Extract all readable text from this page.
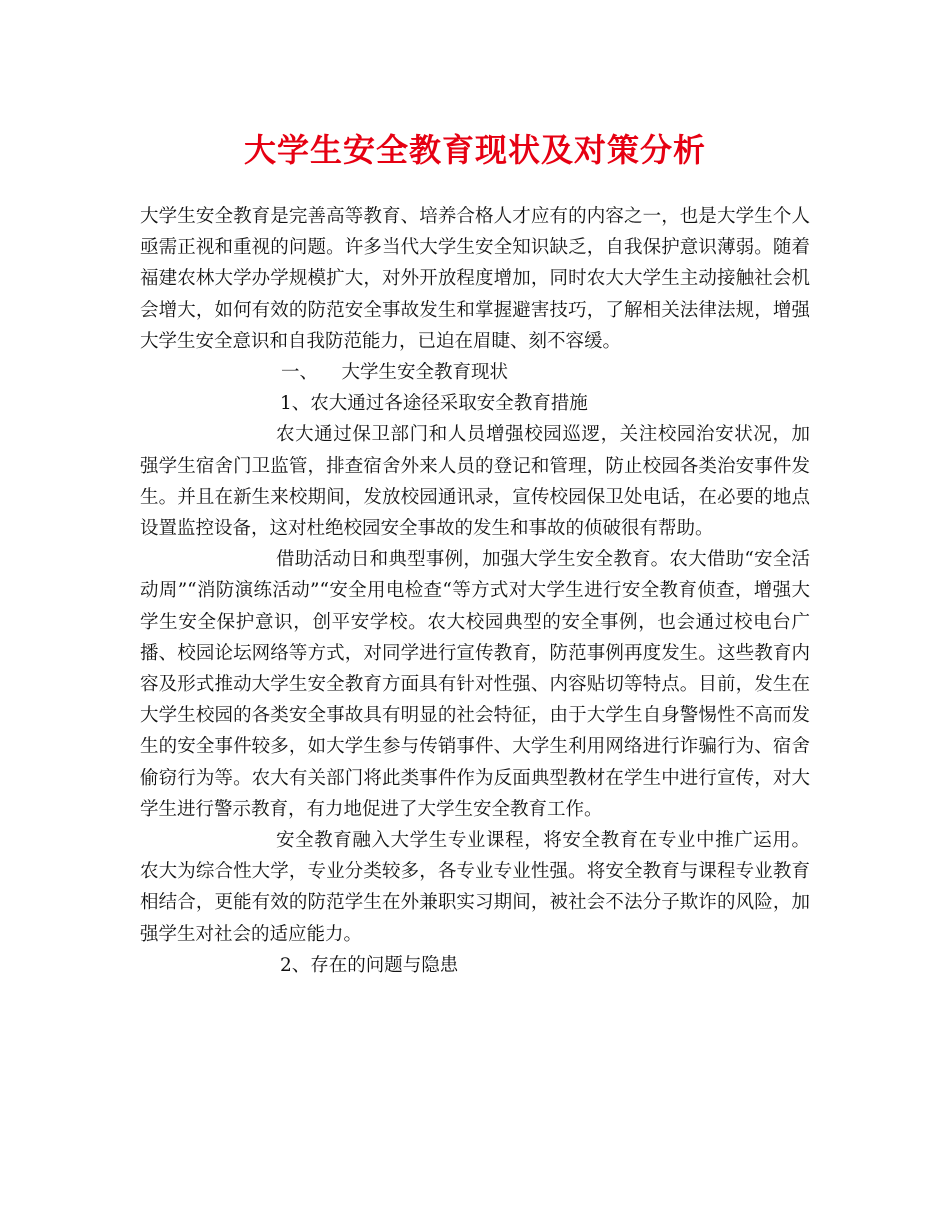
大学生安全教育现状及对策分析

大学生安全教育是完善高等教育、培养合格人才应有的内容之一，也是大学生个人亟需正视和重视的问题。许多当代大学生安全知识缺乏，自我保护意识薄弱。随着福建农林大学办学规模扩大，对外开放程度增加，同时农大大学生主动接触社会机会增大，如何有效的防范安全事故发生和掌握避害技巧，了解相关法律法规，增强大学生安全意识和自我防范能力，已迫在眉睫、刻不容缓。

一、    大学生安全教育现状

1、农大通过各途径采取安全教育措施

农大通过保卫部门和人员增强校园巡逻，关注校园治安状况，加强学生宿舍门卫监管，排查宿舍外来人员的登记和管理，防止校园各类治安事件发生。并且在新生来校期间，发放校园通讯录，宣传校园保卫处电话，在必要的地点设置监控设备，这对杜绝校园安全事故的发生和事故的侦破很有帮助。

借助活动日和典型事例，加强大学生安全教育。农大借助“安全活动周”“消防演练活动”“安全用电检查“等方式对大学生进行安全教育侦查，增强大学生安全保护意识，创平安学校。农大校园典型的安全事例，也会通过校电台广播、校园论坛网络等方式，对同学进行宣传教育，防范事例再度发生。这些教育内容及形式推动大学生安全教育方面具有针对性强、内容贴切等特点。目前，发生在大学生校园的各类安全事故具有明显的社会特征，由于大学生自身警惕性不高而发生的安全事件较多，如大学生参与传销事件、大学生利用网络进行诈骗行为、宿舍偷窃行为等。农大有关部门将此类事件作为反面典型教材在学生中进行宣传，对大学生进行警示教育，有力地促进了大学生安全教育工作。

安全教育融入大学生专业课程，将安全教育在专业中推广运用。农大为综合性大学，专业分类较多，各专业专业性强。将安全教育与课程专业教育相结合，更能有效的防范学生在外兼职实习期间，被社会不法分子欺诈的风险，加强学生对社会的适应能力。

2、存在的问题与隐患
